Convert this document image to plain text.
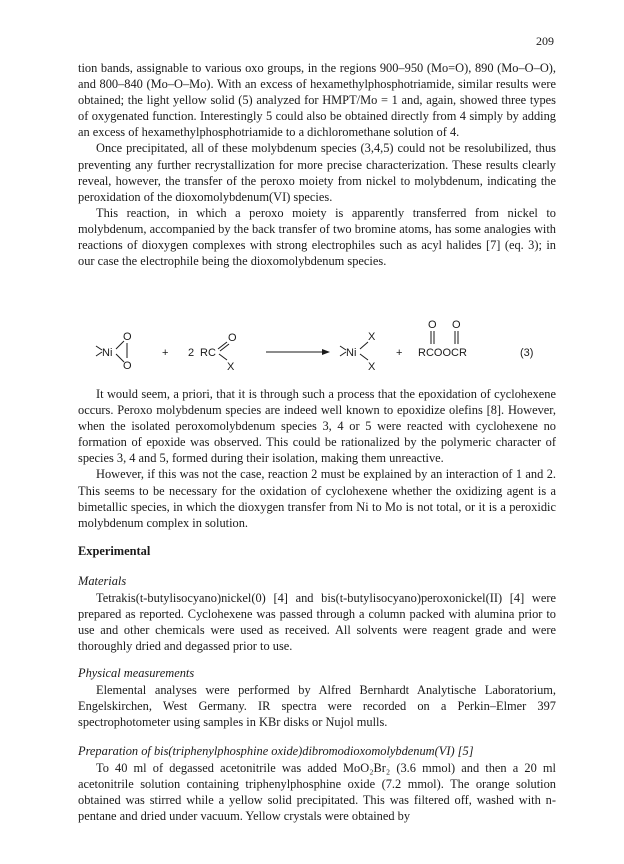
209

tion bands, assignable to various oxo groups, in the regions 900–950 (Mo=O), 890 (Mo–O–O), and 800–840 (Mo–O–Mo). With an excess of hexamethylphosphotriamide, similar results were obtained; the light yellow solid (5) analyzed for HMPT/Mo = 1 and, again, showed three types of oxygenated function. Interestingly 5 could also be obtained directly from 4 simply by adding an excess of hexamethylphosphotriamide to a dichloromethane solution of 4.

Once precipitated, all of these molybdenum species (3,4,5) could not be resolubilized, thus preventing any further recrystallization for more precise characterization. These results clearly reveal, however, the transfer of the peroxo moiety from nickel to molybdenum, indicating the peroxidation of the dioxomolybdenum(VI) species.

This reaction, in which a peroxo moiety is apparently transferred from nickel to molybdenum, accompanied by the back transfer of two bromine atoms, has some analogies with reactions of dioxygen complexes with strong electrophiles such as acyl halides [7] (eq. 3); in our case the electrophile being the dioxomolybdenum species.

Ni
O
O
+ 2 RC
O
X
Ni
X
X
+ RCOOCR
O O
(3)

It would seem, a priori, that it is through such a process that the epoxidation of cyclohexene occurs. Peroxo molybdenum species are indeed well known to epoxidize olefins [8]. However, when the isolated peroxomolybdenum species 3, 4 or 5 were reacted with cyclohexene no formation of epoxide was observed. This could be rationalized by the polymeric character of species 3, 4 and 5, formed during their isolation, making them unreactive.

However, if this was not the case, reaction 2 must be explained by an interaction of 1 and 2. This seems to be necessary for the oxidation of cyclohexene whether the oxidizing agent is a bimetallic species, in which the dioxygen transfer from Ni to Mo is not total, or it is a peroxidic molybdenum complex in solution.

Experimental
Materials

Tetrakis(t-butylisocyano)nickel(0) [4] and bis(t-butylisocyano)peroxonickel(II) [4] were prepared as reported. Cyclohexene was passed through a column packed with alumina prior to use and other chemicals were used as received. All solvents were reagent grade and were thoroughly dried and degassed prior to use.

Physical measurements

Elemental analyses were performed by Alfred Bernhardt Analytische Laboratorium, Engelskirchen, West Germany. IR spectra were recorded on a Perkin–Elmer 397 spectrophotometer using samples in KBr disks or Nujol mulls.

Preparation of bis(triphenylphosphine oxide)dibromodioxomolybdenum(VI) [5]

To 40 ml of degassed acetonitrile was added MoO₂Br₂ (3.6 mmol) and then a 20 ml acetonitrile solution containing triphenylphosphine oxide (7.2 mmol). The orange solution obtained was stirred while a yellow solid precipitated. This was filtered off, washed with n-pentane and dried under vacuum. Yellow crystals were obtained by
